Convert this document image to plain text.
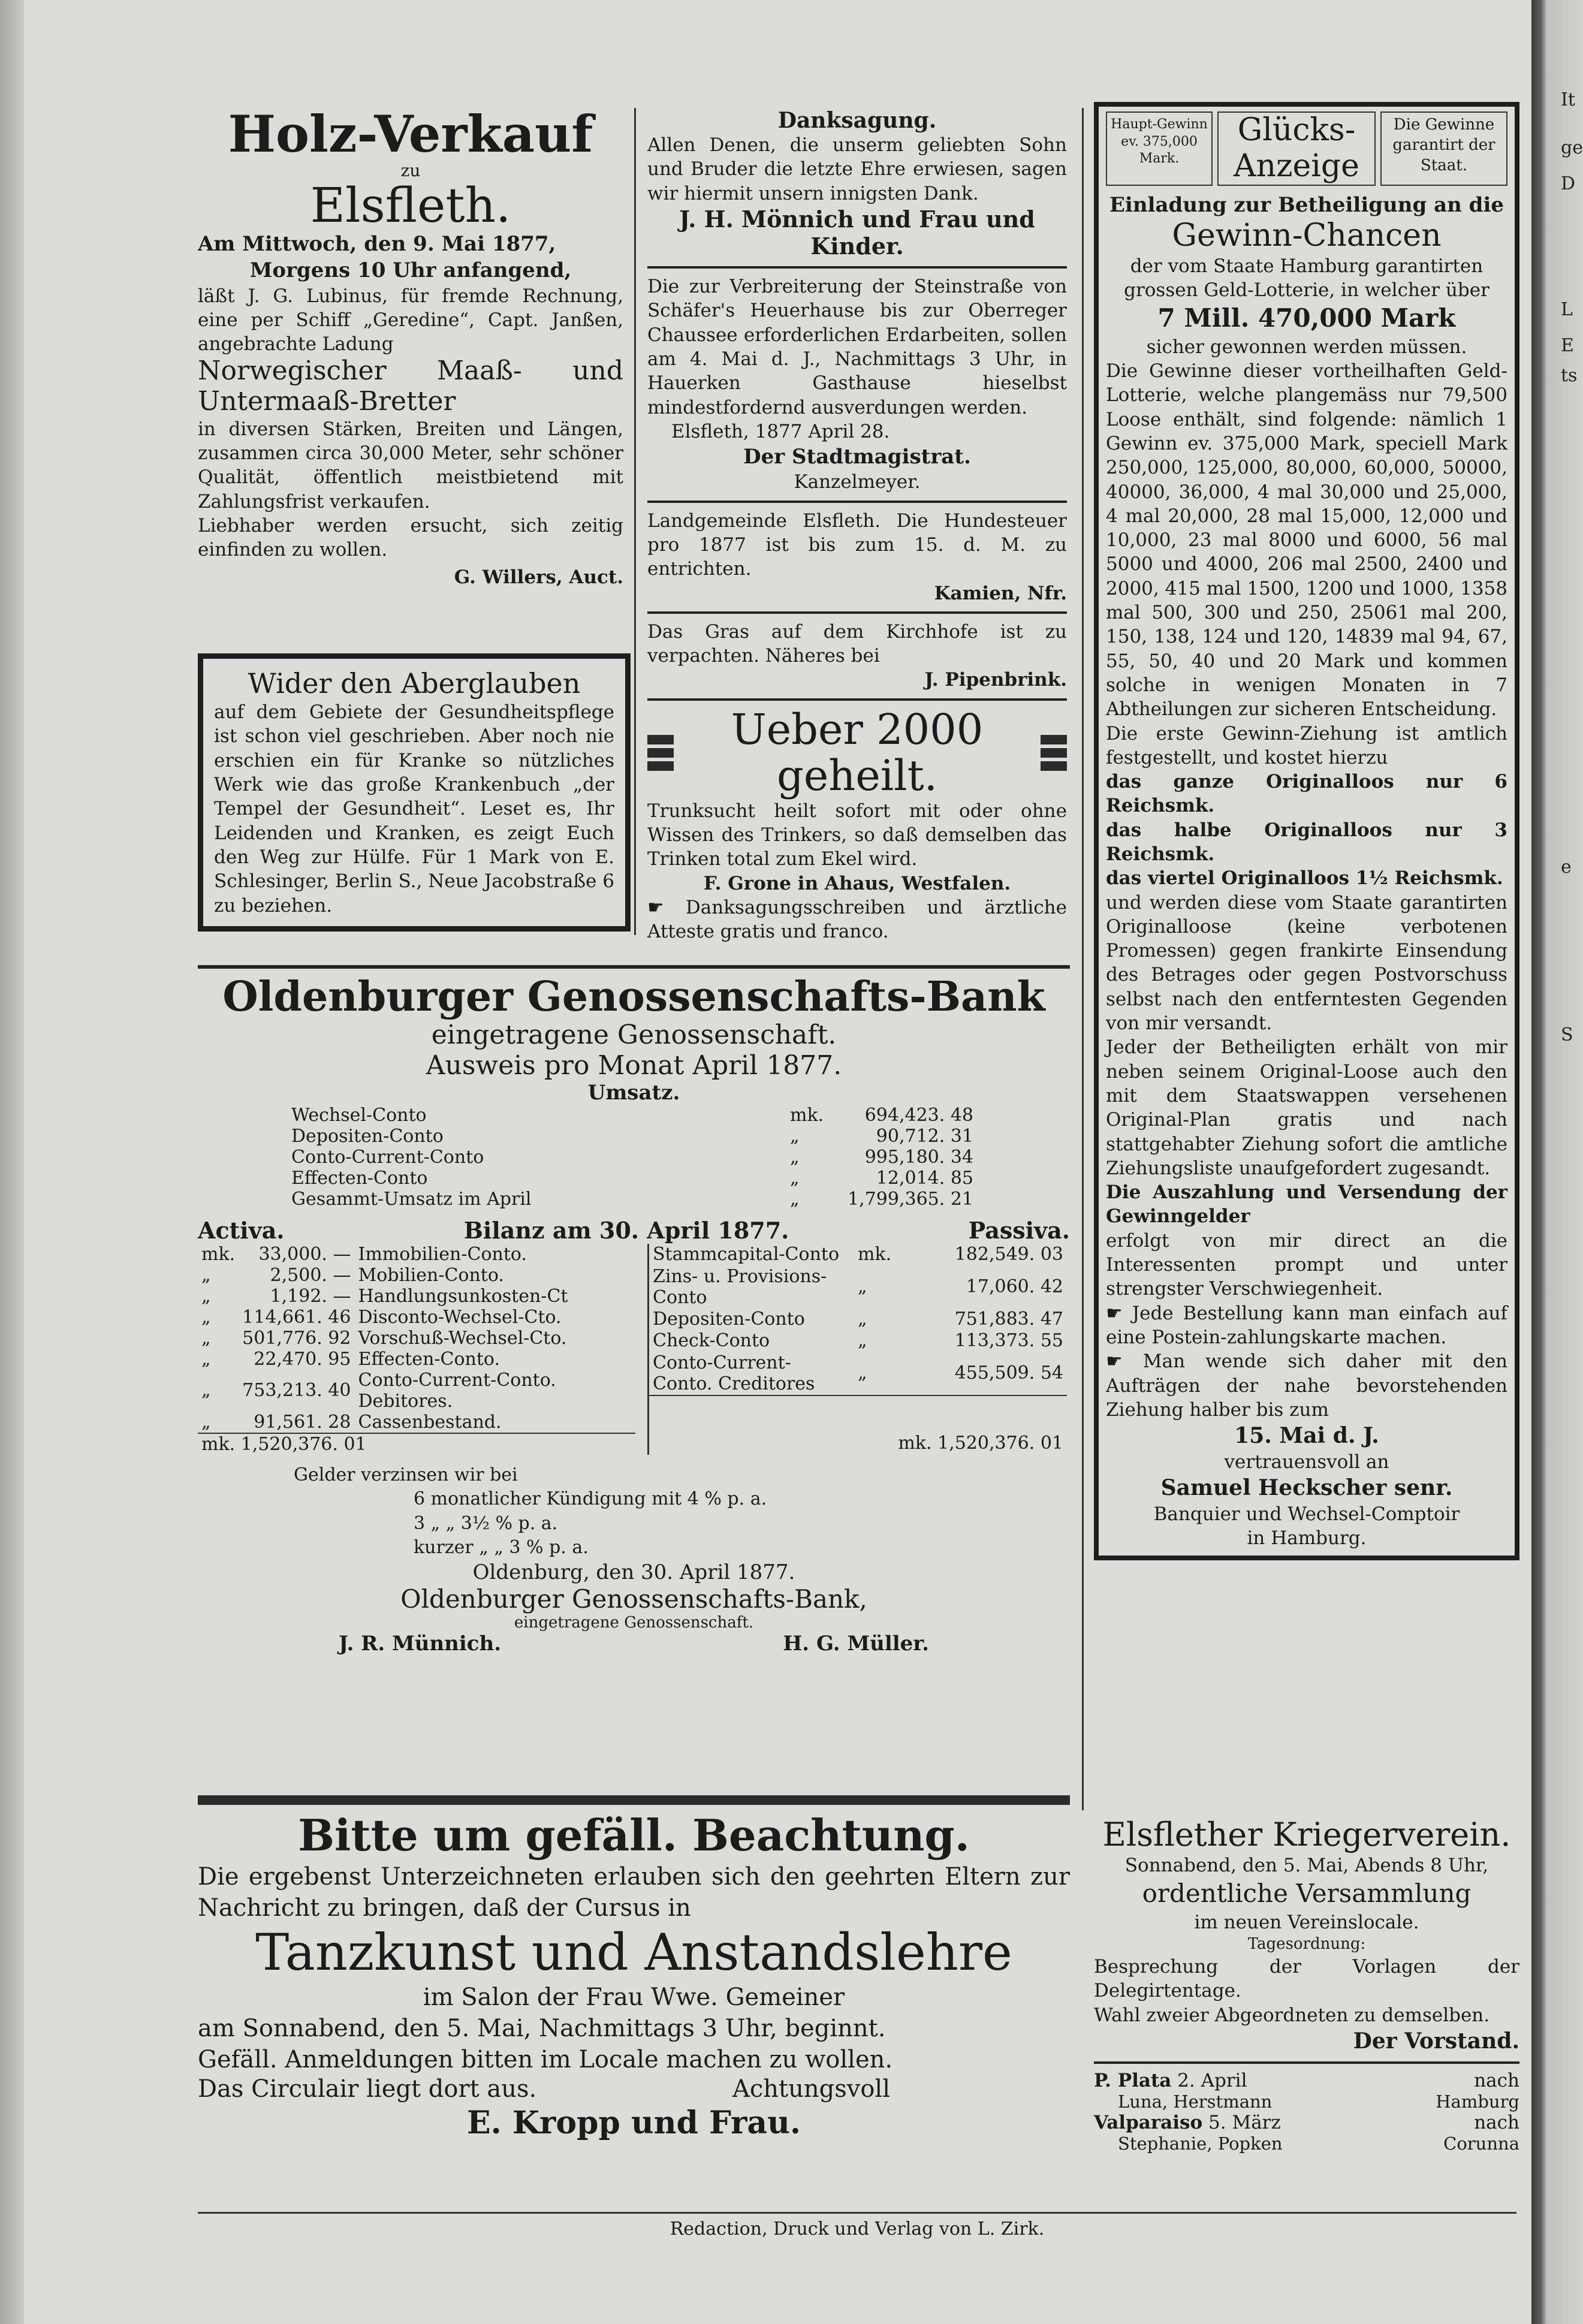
It
ge
D
L
E
ts
e
S
Holz-Verkauf
zu
Elsfleth.

Am Mittwoch, den 9. Mai 1877,

Morgens 10 Uhr anfangend,

läßt J. G. Lubinus, für fremde Rechnung, eine per Schiff „Geredine“, Capt. Janßen, angebrachte Ladung

Norwegischer Maaß- und Untermaaß-Bretter

in diversen Stärken, Breiten und Längen, zusammen circa 30,000 Meter, sehr schöner Qualität, öffentlich meistbietend mit Zahlungsfrist verkaufen.

Liebhaber werden ersucht, sich zeitig einfinden zu wollen.

G. Willers, Auct.

Wider den Aberglauben

auf dem Gebiete der Gesundheitspflege ist schon viel geschrieben. Aber noch nie erschien ein für Kranke so nützliches Werk wie das große Krankenbuch „der Tempel der Gesundheit“. Leset es, Ihr Leidenden und Kranken, es zeigt Euch den Weg zur Hülfe. Für 1 Mark von E. Schlesinger, Berlin S., Neue Jacobstraße 6 zu beziehen.

Danksagung.

Allen Denen, die unserm geliebten Sohn und Bruder die letzte Ehre erwiesen, sagen wir hiermit unsern innigsten Dank.

J. H. Mönnich und Frau und Kinder.

Die zur Verbreiterung der Steinstraße von Schäfer's Heuerhause bis zur Oberreger Chaussee erforderlichen Erdarbeiten, sollen am 4. Mai d. J., Nachmittags 3 Uhr, in Hauerken Gasthause hieselbst mindestfordernd ausverdungen werden.

Elsfleth, 1877 April 28.

Der Stadtmagistrat.

Kanzelmeyer.

Landgemeinde Elsfleth. Die Hundesteuer pro 1877 ist bis zum 15. d. M. zu entrichten.

Kamien, Nfr.

Das Gras auf dem Kirchhofe ist zu verpachten. Näheres bei

J. Pipenbrink.

Ueber 2000 geheilt.

Trunksucht heilt sofort mit oder ohne Wissen des Trinkers, so daß demselben das Trinken total zum Ekel wird.

F. Grone in Ahaus, Westfalen.

☛ Danksagungsschreiben und ärztliche Atteste gratis und franco.

Oldenburger Genossenschafts-Bank
eingetragene Genossenschaft.
Ausweis pro Monat April 1877.
Umsatz.
Wechsel-Conto	mk.	694,423. 48
Depositen-Conto	„	90,712. 31
Conto-Current-Conto	„	995,180. 34
Effecten-Conto	„	12,014. 85
Gesammt-Umsatz im April	„	1,799,365. 21
Activa.	Bilanz am 30. April 1877.	Passiva.
mk.	33,000. —	Immobilien-Conto.
„	2,500. —	Mobilien-Conto.
„	1,192. —	Handlungsunkosten-Ct
„	114,661. 46	Disconto-Wechsel-Cto.
„	501,776. 92	Vorschuß-Wechsel-Cto.
„	22,470. 95	Effecten-Conto.
„	753,213. 40	Conto-Current-Conto. Debitores.
„	91,561. 28	Cassenbestand.
mk. 1,520,376. 01		
Stammcapital-Conto	mk.	182,549. 03
Zins- u. Provisions-Conto	„	17,060. 42
Depositen-Conto	„	751,883. 47
Check-Conto	„	113,373. 55
Conto-Current-Conto. Creditores	„	455,509. 54
mk. 1,520,376. 01		
Gelder verzinsen wir bei
6 monatlicher Kündigung mit 4 % p. a.
3 „ „ 3½ % p. a.
kurzer „ „ 3 % p. a.
Oldenburg, den 30. April 1877.
Oldenburger Genossenschafts-Bank,
eingetragene Genossenschaft.
J. R. Münnich.	H. G. Müller.
Haupt-Gewinn ev. 375,000 Mark.
Glücks-Anzeige
Die Gewinne garantirt der Staat.

Einladung zur Betheiligung an die

Gewinn-Chancen

der vom Staate Hamburg garantirten grossen Geld-Lotterie, in welcher über

7 Mill. 470,000 Mark

sicher gewonnen werden müssen.

Die Gewinne dieser vortheilhaften Geld-Lotterie, welche plangemäss nur 79,500 Loose enthält, sind folgende: nämlich 1 Gewinn ev. 375,000 Mark, speciell Mark 250,000, 125,000, 80,000, 60,000, 50000, 40000, 36,000, 4 mal 30,000 und 25,000, 4 mal 20,000, 28 mal 15,000, 12,000 und 10,000, 23 mal 8000 und 6000, 56 mal 5000 und 4000, 206 mal 2500, 2400 und 2000, 415 mal 1500, 1200 und 1000, 1358 mal 500, 300 und 250, 25061 mal 200, 150, 138, 124 und 120, 14839 mal 94, 67, 55, 50, 40 und 20 Mark und kommen solche in wenigen Monaten in 7 Abtheilungen zur sicheren Entscheidung.

Die erste Gewinn-Ziehung ist amtlich festgestellt, und kostet hierzu

das ganze Originalloos nur 6 Reichsmk.

das halbe Originalloos nur 3 Reichsmk.

das viertel Originalloos 1½ Reichsmk.

und werden diese vom Staate garantirten Originalloose (keine verbotenen Promessen) gegen frankirte Einsendung des Betrages oder gegen Postvorschuss selbst nach den entferntesten Gegenden von mir versandt.

Jeder der Betheiligten erhält von mir neben seinem Original-Loose auch den mit dem Staatswappen versehenen Original-Plan gratis und nach stattgehabter Ziehung sofort die amtliche Ziehungsliste unaufgefordert zugesandt.

Die Auszahlung und Versendung der Gewinngelder

erfolgt von mir direct an die Interessenten prompt und unter strengster Verschwiegenheit.

☛ Jede Bestellung kann man einfach auf eine Postein-zahlungskarte machen.

☛ Man wende sich daher mit den Aufträgen der nahe bevorstehenden Ziehung halber bis zum

15. Mai d. J.

vertrauensvoll an

Samuel Heckscher senr.

Banquier und Wechsel-Comptoir

in Hamburg.

Bitte um gefäll. Beachtung.

Die ergebenst Unterzeichneten erlauben sich den geehrten Eltern zur Nachricht zu bringen, daß der Cursus in

Tanzkunst und Anstandslehre

im Salon der Frau Wwe. Gemeiner

am Sonnabend, den 5. Mai, Nachmittags 3 Uhr, beginnt.

Gefäll. Anmeldungen bitten im Locale machen zu wollen.

Das Circulair liegt dort aus.	Achtungsvoll

E. Kropp und Frau.

Elsflether Kriegerverein.

Sonnabend, den 5. Mai, Abends 8 Uhr,

ordentliche Versammlung

im neuen Vereinslocale.

Tagesordnung:

Besprechung der Vorlagen der Delegirtentage.

Wahl zweier Abgeordneten zu demselben.

Der Vorstand.

P. Plata 2. April	nach
Luna, Herstmann	Hamburg
Valparaiso 5. März	nach
Stephanie, Popken	Corunna
Redaction, Druck und Verlag von L. Zirk.
